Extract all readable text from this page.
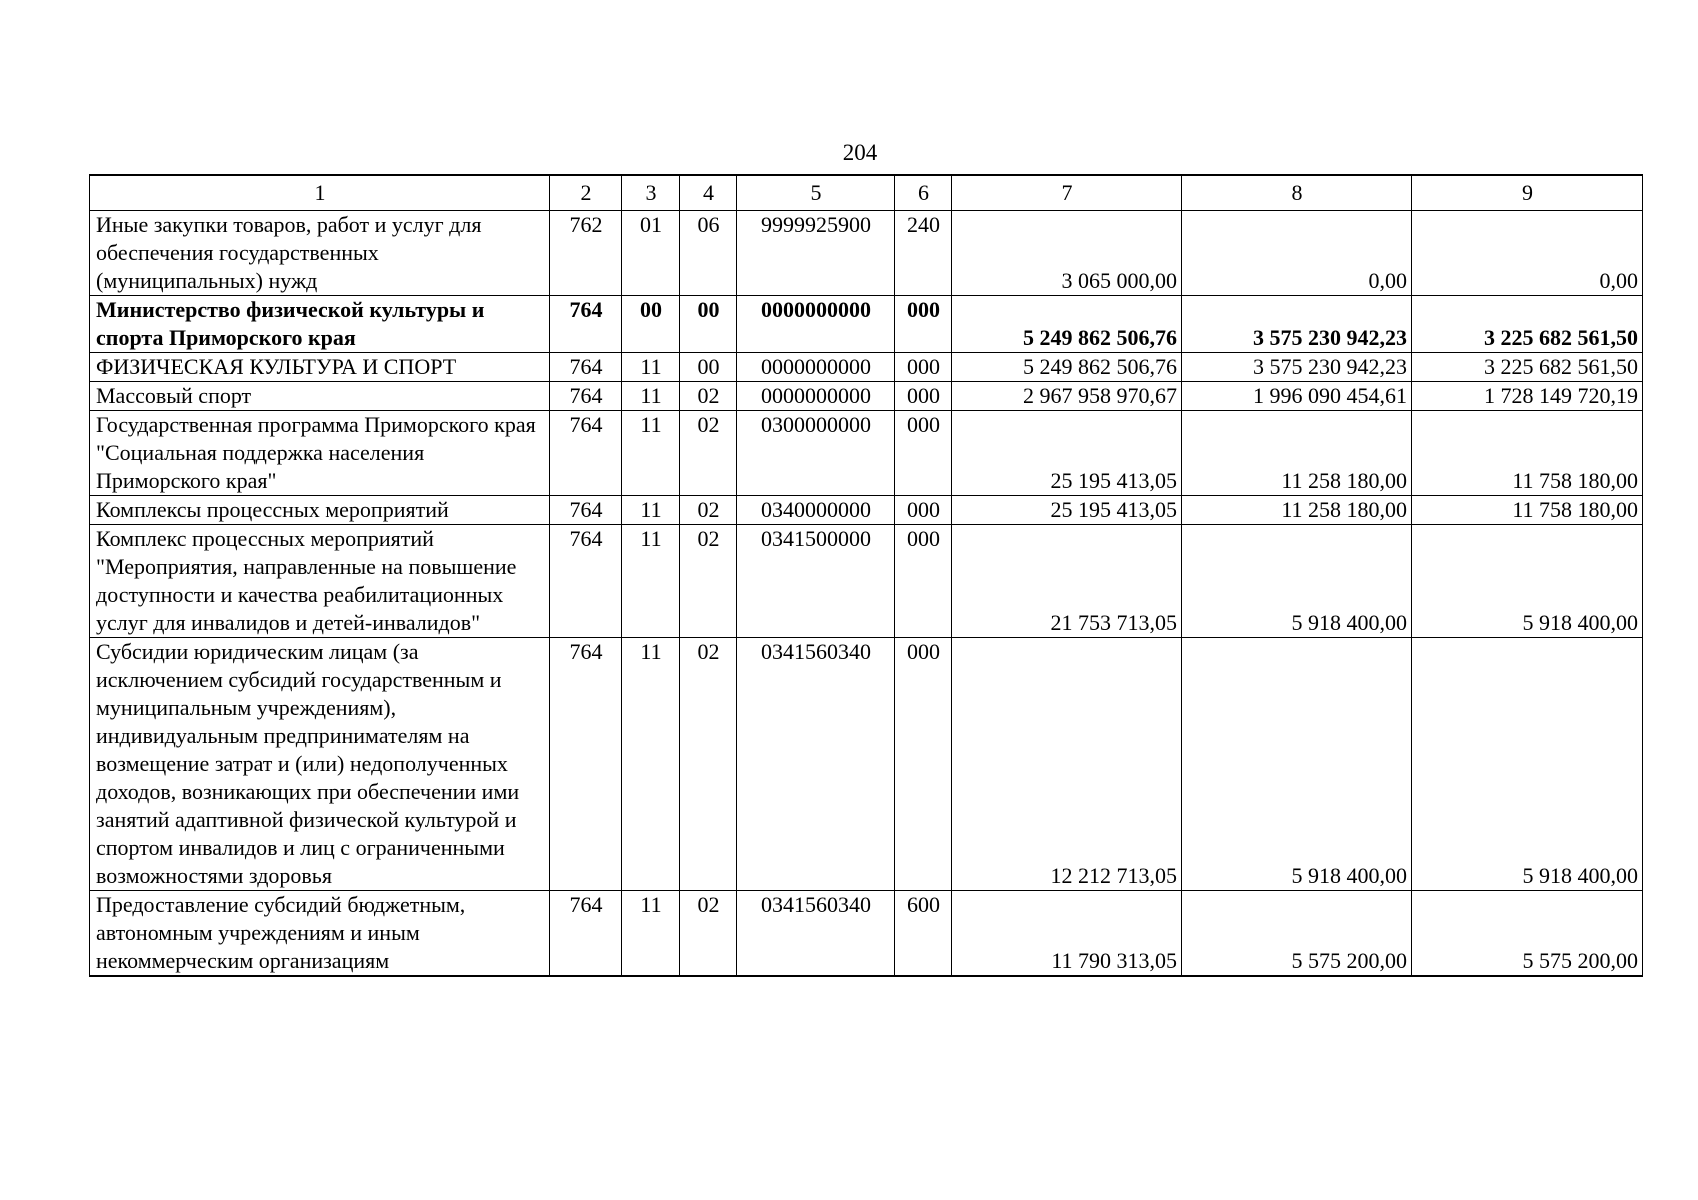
204
1	2	3	4	5	6	7	8	9
Иные закупки товаров, работ и услуг для обеспечения государственных (муниципальных) нужд	762	01	06	9999925900	240	3 065 000,00	0,00	0,00
Министерство физической культуры и спорта Приморского края	764	00	00	0000000000	000	5 249 862 506,76	3 575 230 942,23	3 225 682 561,50
ФИЗИЧЕСКАЯ КУЛЬТУРА И СПОРТ	764	11	00	0000000000	000	5 249 862 506,76	3 575 230 942,23	3 225 682 561,50
Массовый спорт	764	11	02	0000000000	000	2 967 958 970,67	1 996 090 454,61	1 728 149 720,19
Государственная программа Приморского края "Социальная поддержка населения Приморского края"	764	11	02	0300000000	000	25 195 413,05	11 258 180,00	11 758 180,00
Комплексы процессных мероприятий	764	11	02	0340000000	000	25 195 413,05	11 258 180,00	11 758 180,00
Комплекс процессных мероприятий "Мероприятия, направленные на повышение доступности и качества реабилитационных услуг для инвалидов и детей-инвалидов"	764	11	02	0341500000	000	21 753 713,05	5 918 400,00	5 918 400,00
Субсидии юридическим лицам (за исключением субсидий государственным и муниципальным учреждениям), индивидуальным предпринимателям на возмещение затрат и (или) недополученных доходов, возникающих при обеспечении ими занятий адаптивной физической культурой и спортом инвалидов и лиц с ограниченными возможностями здоровья	764	11	02	0341560340	000	12 212 713,05	5 918 400,00	5 918 400,00
Предоставление субсидий бюджетным, автономным учреждениям и иным некоммерческим организациям	764	11	02	0341560340	600	11 790 313,05	5 575 200,00	5 575 200,00
